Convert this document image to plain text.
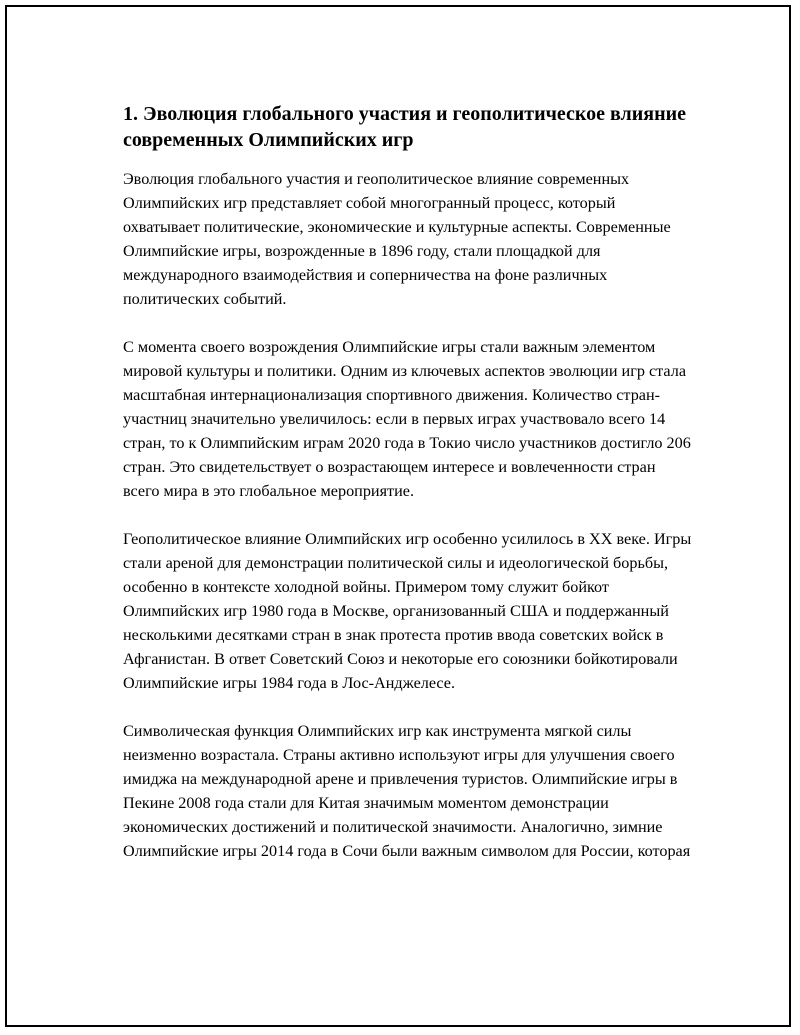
1. Эволюция глобального участия и геополитическое влияние современных Олимпийских игр

Эволюция глобального участия и геополитическое влияние современных Олимпийских игр представляет собой многогранный процесс, который охватывает политические, экономические и культурные аспекты. Современные Олимпийские игры, возрожденные в 1896 году, стали площадкой для международного взаимодействия и соперничества на фоне различных политических событий.

С момента своего возрождения Олимпийские игры стали важным элементом мировой культуры и политики. Одним из ключевых аспектов эволюции игр стала масштабная интернационализация спортивного движения. Количество стран-участниц значительно увеличилось: если в первых играх участвовало всего 14 стран, то к Олимпийским играм 2020 года в Токио число участников достигло 206 стран. Это свидетельствует о возрастающем интересе и вовлеченности стран всего мира в это глобальное мероприятие.

Геополитическое влияние Олимпийских игр особенно усилилось в XX веке. Игры стали ареной для демонстрации политической силы и идеологической борьбы, особенно в контексте холодной войны. Примером тому служит бойкот Олимпийских игр 1980 года в Москве, организованный США и поддержанный несколькими десятками стран в знак протеста против ввода советских войск в Афганистан. В ответ Советский Союз и некоторые его союзники бойкотировали Олимпийские игры 1984 года в Лос-Анджелесе.

Символическая функция Олимпийских игр как инструмента мягкой силы неизменно возрастала. Страны активно используют игры для улучшения своего имиджа на международной арене и привлечения туристов. Олимпийские игры в Пекине 2008 года стали для Китая значимым моментом демонстрации экономических достижений и политической значимости. Аналогично, зимние Олимпийские игры 2014 года в Сочи были важным символом для России, которая
